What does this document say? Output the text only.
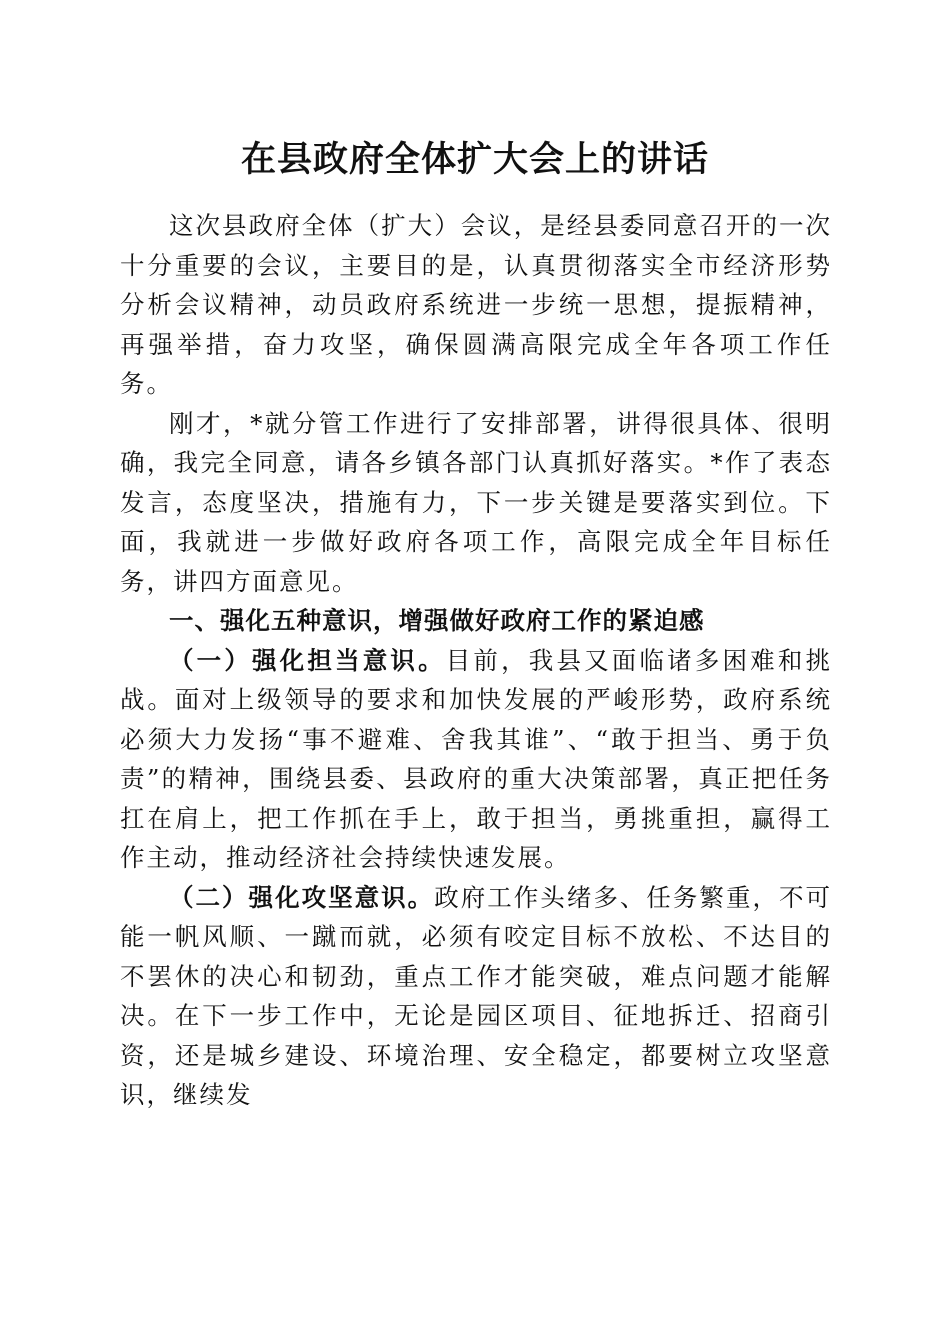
在县政府全体扩大会上的讲话

这次县政府全体（扩大）会议，是经县委同意召开的一次十分重要的会议，主要目的是，认真贯彻落实全市经济形势分析会议精神，动员政府系统进一步统一思想，提振精神，再强举措，奋力攻坚，确保圆满高限完成全年各项工作任务。

刚才，*就分管工作进行了安排部署，讲得很具体、很明确，我完全同意，请各乡镇各部门认真抓好落实。*作了表态发言，态度坚决，措施有力，下一步关键是要落实到位。下面，我就进一步做好政府各项工作，高限完成全年目标任务，讲四方面意见。

一、强化五种意识，增强做好政府工作的紧迫感

（一）强化担当意识。目前，我县又面临诸多困难和挑战。面对上级领导的要求和加快发展的严峻形势，政府系统必须大力发扬“事不避难、舍我其谁”、“敢于担当、勇于负责”的精神，围绕县委、县政府的重大决策部署，真正把任务扛在肩上，把工作抓在手上，敢于担当，勇挑重担，赢得工作主动，推动经济社会持续快速发展。

（二）强化攻坚意识。政府工作头绪多、任务繁重，不可能一帆风顺、一蹴而就，必须有咬定目标不放松、不达目的不罢休的决心和韧劲，重点工作才能突破，难点问题才能解决。在下一步工作中，无论是园区项目、征地拆迁、招商引资，还是城乡建设、环境治理、安全稳定，都要树立攻坚意识，继续发
